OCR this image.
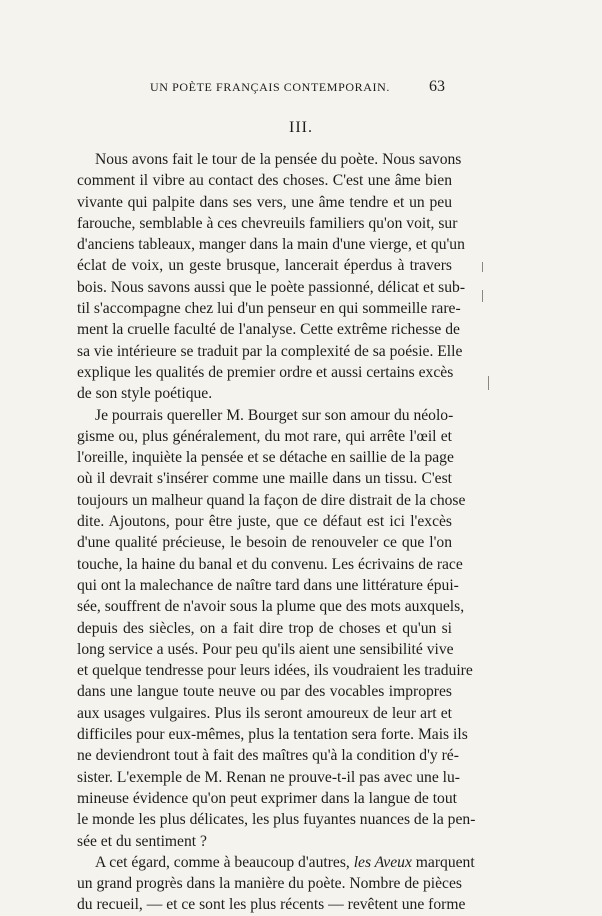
UN POÈTE FRANÇAIS CONTEMPORAIN. 63
III.
Nous avons fait le tour de la pensée du poète. Nous savons
comment il vibre au contact des choses. C'est une âme bien
vivante qui palpite dans ses vers, une âme tendre et un peu
farouche, semblable à ces chevreuils familiers qu'on voit, sur
d'anciens tableaux, manger dans la main d'une vierge, et qu'un
éclat de voix, un geste brusque, lancerait éperdus à travers
bois. Nous savons aussi que le poète passionné, délicat et sub-
til s'accompagne chez lui d'un penseur en qui sommeille rare-
ment la cruelle faculté de l'analyse. Cette extrême richesse de
sa vie intérieure se traduit par la complexité de sa poésie. Elle
explique les qualités de premier ordre et aussi certains excès
de son style poétique.
Je pourrais quereller M. Bourget sur son amour du néolo-
gisme ou, plus généralement, du mot rare, qui arrête l'œil et
l'oreille, inquiète la pensée et se détache en saillie de la page
où il devrait s'insérer comme une maille dans un tissu. C'est
toujours un malheur quand la façon de dire distrait de la chose
dite. Ajoutons, pour être juste, que ce défaut est ici l'excès
d'une qualité précieuse, le besoin de renouveler ce que l'on
touche, la haine du banal et du convenu. Les écrivains de race
qui ont la malechance de naître tard dans une littérature épui-
sée, souffrent de n'avoir sous la plume que des mots auxquels,
depuis des siècles, on a fait dire trop de choses et qu'un si
long service a usés. Pour peu qu'ils aient une sensibilité vive
et quelque tendresse pour leurs idées, ils voudraient les traduire
dans une langue toute neuve ou par des vocables impropres
aux usages vulgaires. Plus ils seront amoureux de leur art et
difficiles pour eux-mêmes, plus la tentation sera forte. Mais ils
ne deviendront tout à fait des maîtres qu'à la condition d'y ré-
sister. L'exemple de M. Renan ne prouve-t-il pas avec une lu-
mineuse évidence qu'on peut exprimer dans la langue de tout
le monde les plus délicates, les plus fuyantes nuances de la pen-
sée et du sentiment ?
A cet égard, comme à beaucoup d'autres, les Aveux marquent
un grand progrès dans la manière du poète. Nombre de pièces
du recueil, — et ce sont les plus récents — revêtent une forme
